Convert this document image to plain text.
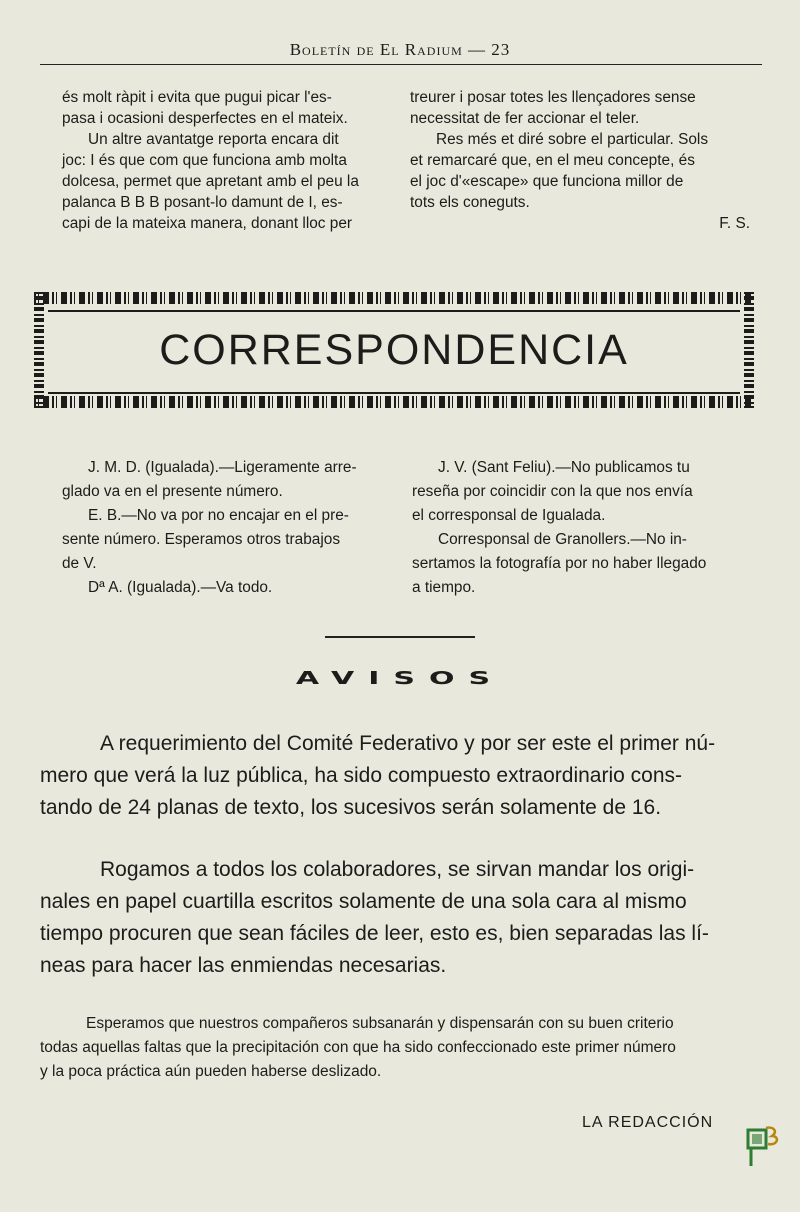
Boletín de El Radium — 23

és molt ràpit i evita que pugui picar l'es-

pasa i ocasioni desperfectes en el mateix.

Un altre avantatge reporta encara dit

joc: I és que com que funciona amb molta

dolcesa, permet que apretant amb el peu la

palanca B B B posant-lo damunt de I, es-

capi de la mateixa manera, donant lloc per

treurer i posar totes les llençadores sense

necessitat de fer accionar el teler.

Res més et diré sobre el particular. Sols

et remarcaré que, en el meu concepte, és

el joc d'«escape» que funciona millor de

tots els coneguts.

F. S.

CORRESPONDENCIA

J. M. D. (Igualada).—Ligeramente arre-

glado va en el presente número.

E. B.—No va por no encajar en el pre-

sente número. Esperamos otros trabajos

de V.

Dª A. (Igualada).—Va todo.

J. V. (Sant Feliu).—No publicamos tu

reseña por coincidir con la que nos envía

el corresponsal de Igualada.

Corresponsal de Granollers.—No in-

sertamos la fotografía por no haber llegado

a tiempo.

AVISOS
A requerimiento del Comité Federativo y por ser este el primer nú-
mero que verá la luz pública, ha sido compuesto extraordinario cons-
tando de 24 planas de texto, los sucesivos serán solamente de 16.
Rogamos a todos los colaboradores, se sirvan mandar los origi-
nales en papel cuartilla escritos solamente de una sola cara al mismo
tiempo procuren que sean fáciles de leer, esto es, bien separadas las lí-
neas para hacer las enmiendas necesarias.
Esperamos que nuestros compañeros subsanarán y dispensarán con su buen criterio
todas aquellas faltas que la precipitación con que ha sido confeccionado este primer número
y la poca práctica aún pueden haberse deslizado.
LA REDACCIÓN
